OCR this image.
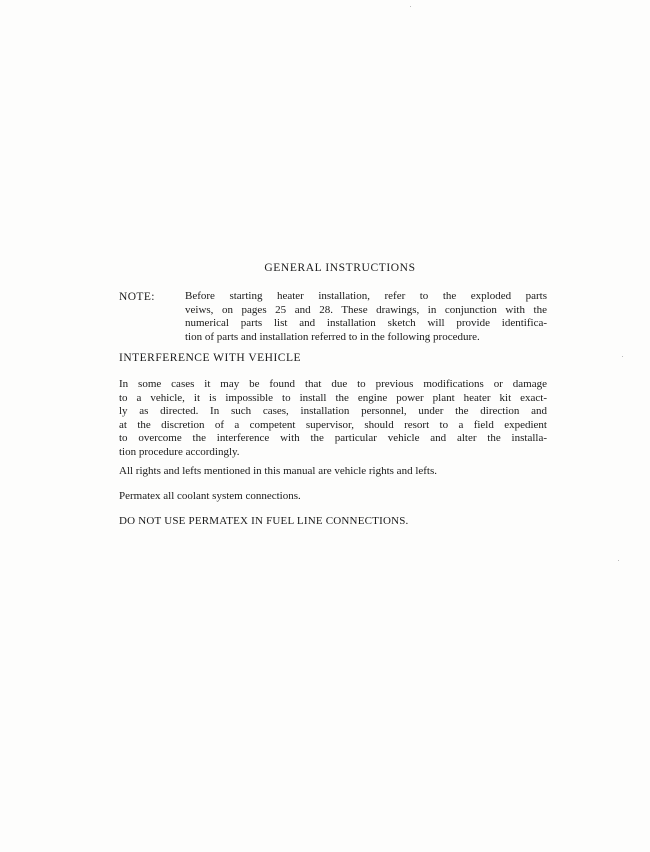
GENERAL INSTRUCTIONS
NOTE:	Before starting heater installation, refer to the exploded parts
veiws, on pages 25 and 28. These drawings, in conjunction with the
numerical parts list and installation sketch will provide identifica-
tion of parts and installation referred to in the following procedure.
INTERFERENCE WITH VEHICLE
In some cases it may be found that due to previous modifications or damage
to a vehicle, it is impossible to install the engine power plant heater kit exact-
ly as directed. In such cases, installation personnel, under the direction and
at the discretion of a competent supervisor, should resort to a field expedient
to overcome the interference with the particular vehicle and alter the installa-
tion procedure accordingly.
All rights and lefts mentioned in this manual are vehicle rights and lefts.
Permatex all coolant system connections.
DO NOT USE PERMATEX IN FUEL LINE CONNECTIONS.
